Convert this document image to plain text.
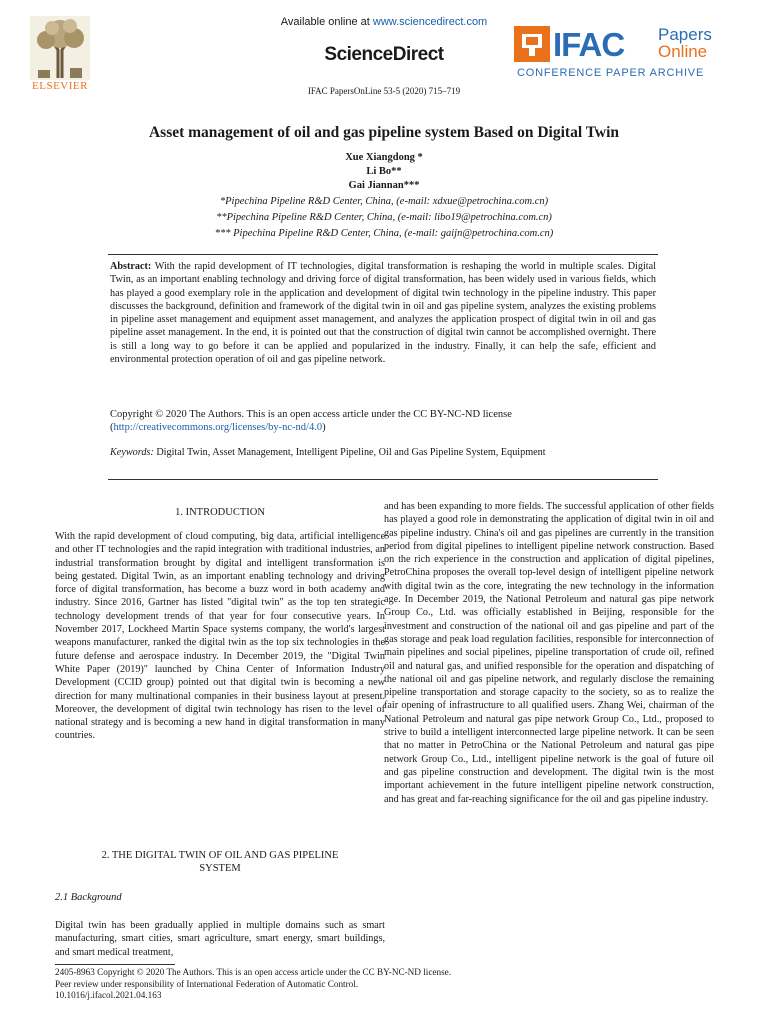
ELSEVIER
Available online at www.sciencedirect.com
ScienceDirect
IFAC PapersOnLine 53-5 (2020) 715–719
IFAC Papers
Online
CONFERENCE PAPER ARCHIVE
Asset management of oil and gas pipeline system Based on Digital Twin
Xue Xiangdong *
Li Bo**
Gai Jiannan***
*Pipechina Pipeline R&D Center, China, (e-mail: xdxue@petrochina.com.cn)
**Pipechina Pipeline R&D Center, China, (e-mail: libo19@petrochina.com.cn)
*** Pipechina Pipeline R&D Center, China, (e-mail: gaijn@petrochina.com.cn)
Abstract: With the rapid development of IT technologies, digital transformation is reshaping the world in multiple scales. Digital Twin, as an important enabling technology and driving force of digital transformation, has been widely used in various fields, which has played a good exemplary role in the application and development of digital twin technology in the pipeline industry. This paper discusses the background, definition and framework of the digital twin in oil and gas pipeline system, analyzes the existing problems in pipeline asset management and equipment asset management, and analyzes the application prospect of digital twin in oil and gas pipeline asset management. In the end, it is pointed out that the construction of digital twin cannot be accomplished overnight. There is still a long way to go before it can be applied and popularized in the industry. Finally, it can help the safe, efficient and environmental protection operation of oil and gas pipeline network.
Copyright © 2020 The Authors. This is an open access article under the CC BY-NC-ND license
(http://creativecommons.org/licenses/by-nc-nd/4.0)
Keywords: Digital Twin, Asset Management, Intelligent Pipeline, Oil and Gas Pipeline System, Equipment
1. INTRODUCTION
With the rapid development of cloud computing, big data, artificial intelligence and other IT technologies and the rapid integration with traditional industries, an industrial transformation brought by digital and intelligent transformation is being gestated. Digital Twin, as an important enabling technology and driving force of digital transformation, has become a buzz word in both academy and industry. Since 2016, Gartner has listed "digital twin" as the top ten strategic technology development trends of that year for four consecutive years. In November 2017, Lockheed Martin Space systems company, the world's largest weapons manufacturer, ranked the digital twin as the top six technologies in the future defense and aerospace industry. In December 2019, the "Digital Twin White Paper (2019)" launched by China Center of Information Industry Development (CCID group) pointed out that digital twin is becoming a new direction for many multinational companies in their business layout at present. Moreover, the development of digital twin technology has risen to the level of national strategy and is becoming a new hand in digital transformation in many countries.
2. THE DIGITAL TWIN OF OIL AND GAS PIPELINE
SYSTEM
2.1 Background
Digital twin has been gradually applied in multiple domains such as smart manufacturing, smart cities, smart agriculture, smart energy, smart buildings, and smart medical treatment,
and has been expanding to more fields. The successful application of other fields has played a good role in demonstrating the application of digital twin in oil and gas pipeline industry. China's oil and gas pipelines are currently in the transition period from digital pipelines to intelligent pipeline network construction. Based on the rich experience in the construction and application of digital pipelines, PetroChina proposes the overall top-level design of intelligent pipeline network with digital twin as the core, integrating the new technology in the information age. In December 2019, the National Petroleum and natural gas pipe network Group Co., Ltd. was officially established in Beijing, responsible for the investment and construction of the national oil and gas pipeline and part of the gas storage and peak load regulation facilities, responsible for interconnection of main pipelines and social pipelines, pipeline transportation of crude oil, refined oil and natural gas, and unified responsible for the operation and dispatching of the national oil and gas pipeline network, and regularly disclose the remaining pipeline transportation and storage capacity to the society, so as to realize the fair opening of infrastructure to all qualified users. Zhang Wei, chairman of the National Petroleum and natural gas pipe network Group Co., Ltd., proposed to strive to build a intelligent interconnected large pipeline network. It can be seen that no matter in PetroChina or the National Petroleum and natural gas pipe network Group Co., Ltd., intelligent pipeline network is the goal of future oil and gas pipeline construction and development. The digital twin is the most important achievement in the future intelligent pipeline network construction, and has great and far-reaching significance for the oil and gas pipeline industry.
2405-8963 Copyright © 2020 The Authors. This is an open access article under the CC BY-NC-ND license.
Peer review under responsibility of International Federation of Automatic Control.
10.1016/j.ifacol.2021.04.163
